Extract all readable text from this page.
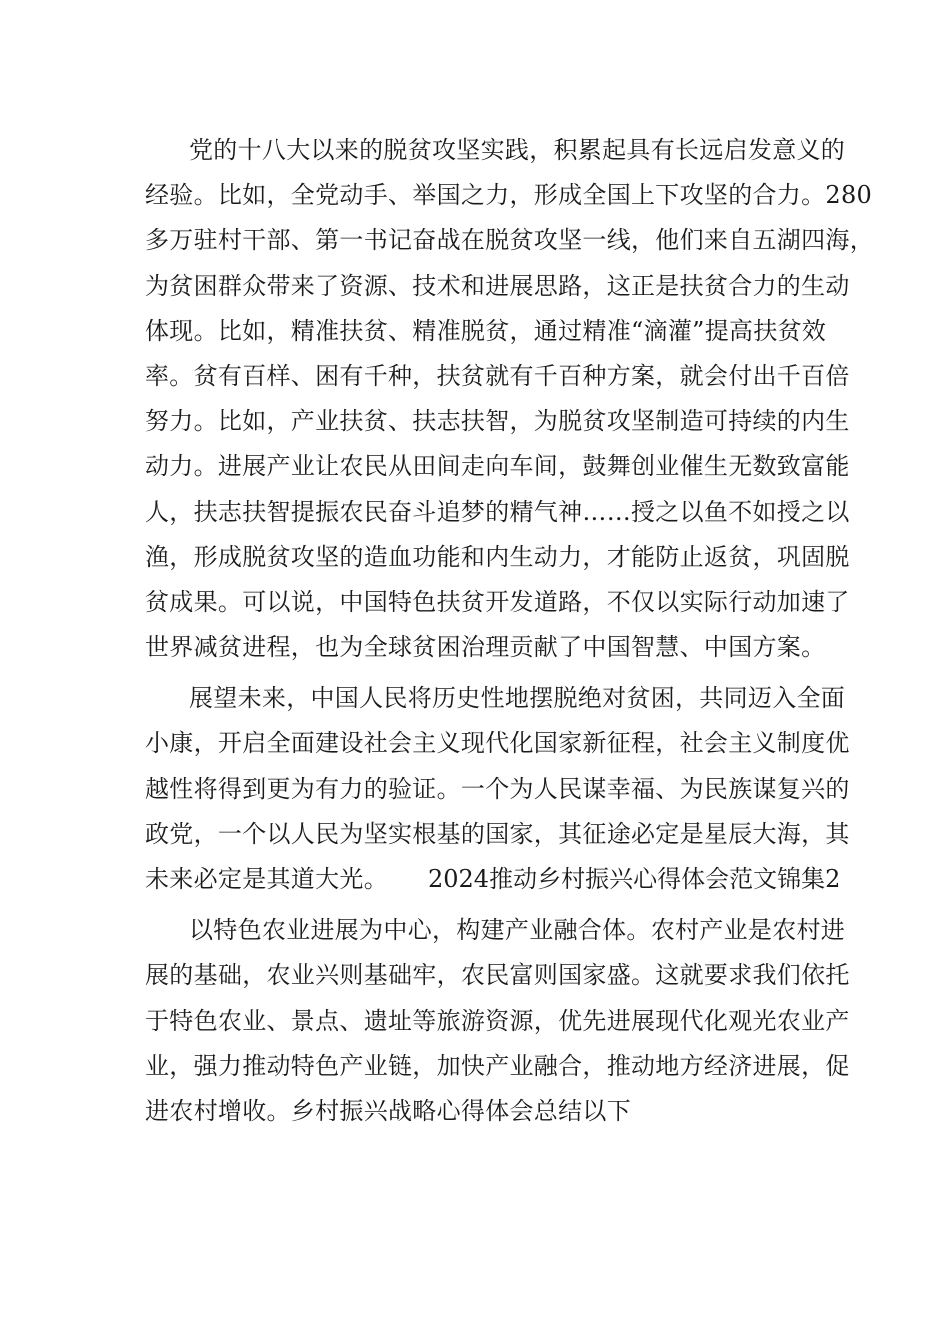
党的十八大以来的脱贫攻坚实践，积累起具有长远启发意义的
经验。比如，全党动手、举国之力，形成全国上下攻坚的合力。280
多万驻村干部、第一书记奋战在脱贫攻坚一线，他们来自五湖四海，
为贫困群众带来了资源、技术和进展思路，这正是扶贫合力的生动
体现。比如，精准扶贫、精准脱贫，通过精准“滴灌”提高扶贫效
率。贫有百样、困有千种，扶贫就有千百种方案，就会付出千百倍
努力。比如，产业扶贫、扶志扶智，为脱贫攻坚制造可持续的内生
动力。进展产业让农民从田间走向车间，鼓舞创业催生无数致富能
人，扶志扶智提振农民奋斗追梦的精气神……授之以鱼不如授之以
渔，形成脱贫攻坚的造血功能和内生动力，才能防止返贫，巩固脱
贫成果。可以说，中国特色扶贫开发道路，不仅以实际行动加速了
世界减贫进程，也为全球贫困治理贡献了中国智慧、中国方案。
展望未来，中国人民将历史性地摆脱绝对贫困，共同迈入全面
小康，开启全面建设社会主义现代化国家新征程，社会主义制度优
越性将得到更为有力的验证。一个为人民谋幸福、为民族谋复兴的
政党，一个以人民为坚实根基的国家，其征途必定是星辰大海，其
未来必定是其道大光。 2024推动乡村振兴心得体会范文锦集2
以特色农业进展为中心，构建产业融合体。农村产业是农村进
展的基础，农业兴则基础牢，农民富则国家盛。这就要求我们依托
于特色农业、景点、遗址等旅游资源，优先进展现代化观光农业产
业，强力推动特色产业链，加快产业融合，推动地方经济进展，促
进农村增收。乡村振兴战略心得体会总结以下
